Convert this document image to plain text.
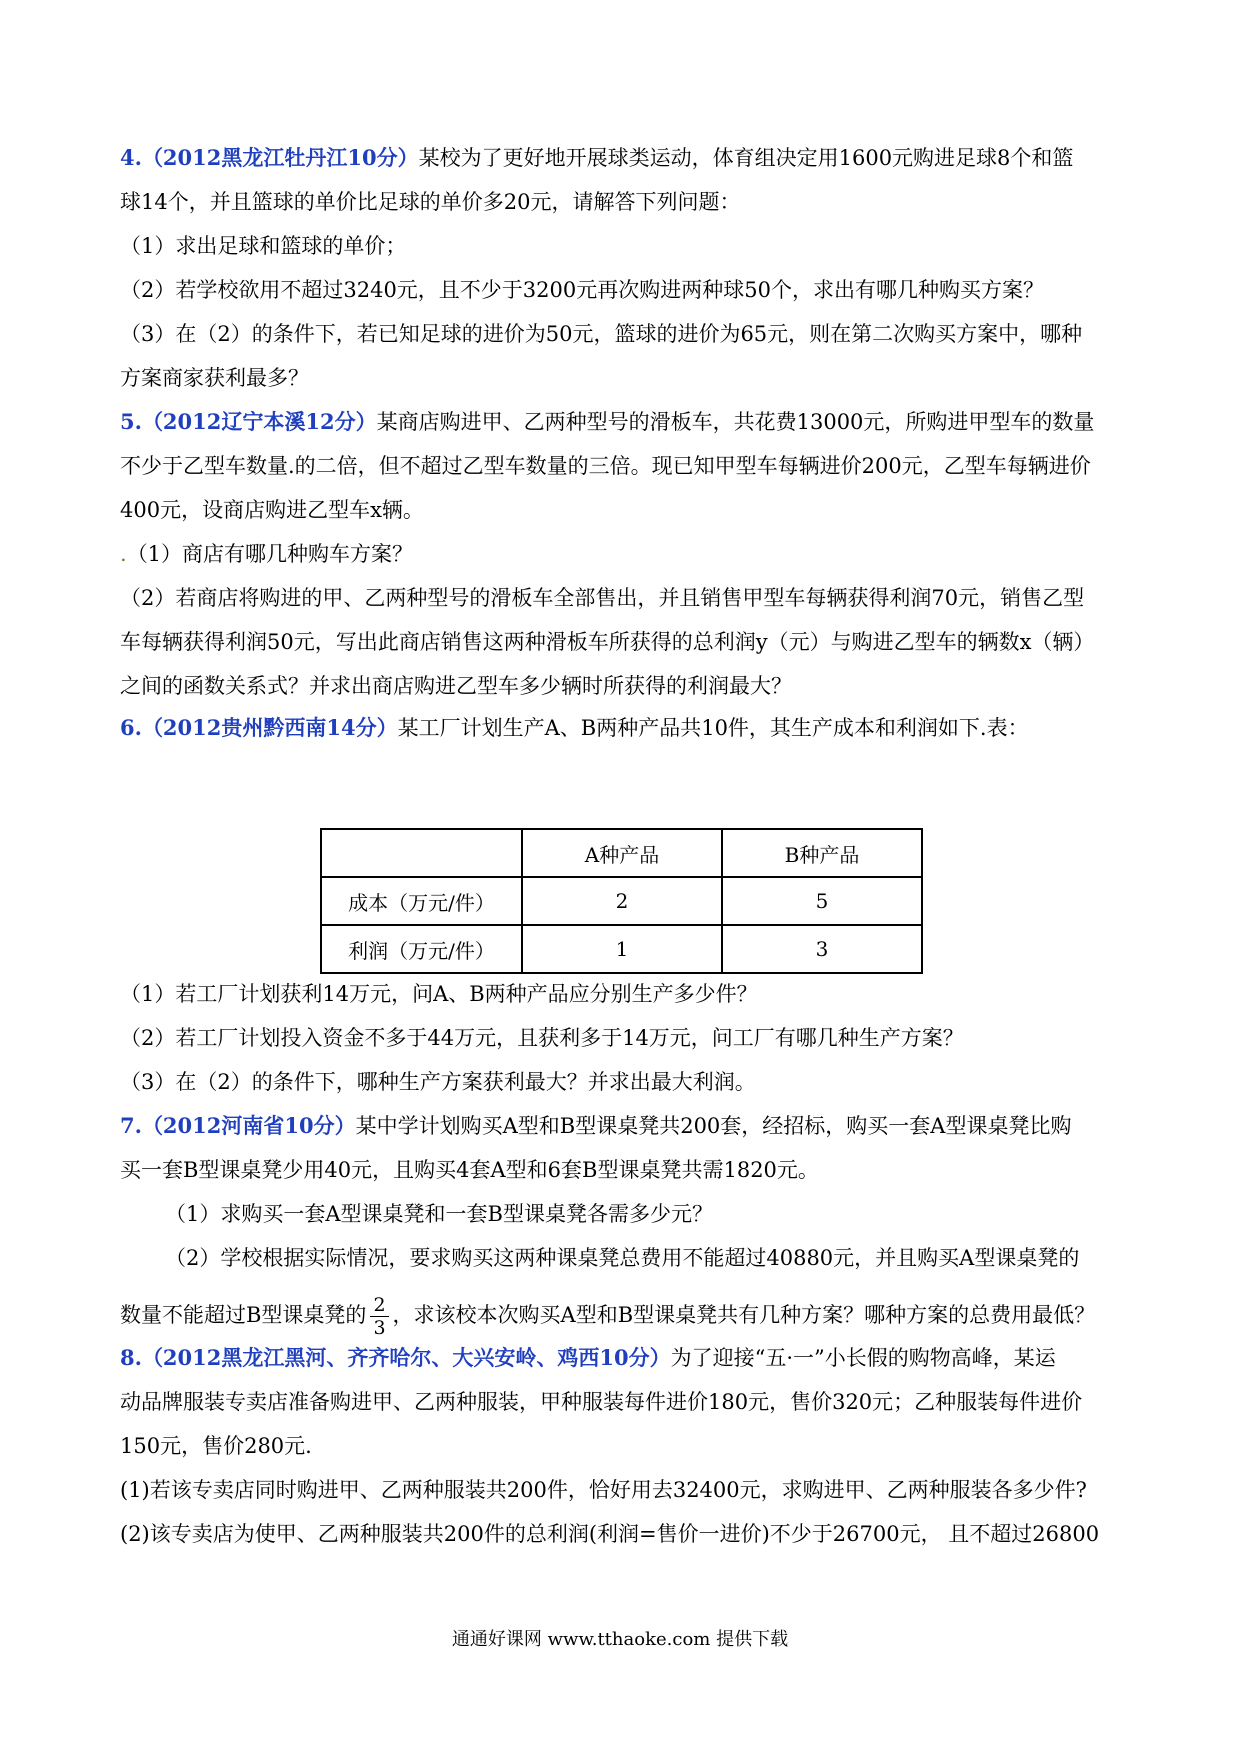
4.（2012黑龙江牡丹江10分）某校为了更好地开展球类运动，体育组决定用1600元购进足球8个和篮
球14个，并且篮球的单价比足球的单价多20元，请解答下列问题：
（1）求出足球和篮球的单价；
（2）若学校欲用不超过3240元，且不少于3200元再次购进两种球50个，求出有哪几种购买方案？
（3）在（2）的条件下，若已知足球的进价为50元，篮球的进价为65元，则在第二次购买方案中，哪种
方案商家获利最多？
5.（2012辽宁本溪12分）某商店购进甲、乙两种型号的滑板车，共花费13000元，所购进甲型车的数量
不少于乙型车数量.的二倍，但不超过乙型车数量的三倍。现已知甲型车每辆进价200元，乙型车每辆进价
400元，设商店购进乙型车x辆。
.（1）商店有哪几种购车方案？
（2）若商店将购进的甲、乙两种型号的滑板车全部售出，并且销售甲型车每辆获得利润70元，销售乙型
车每辆获得利润50元，写出此商店销售这两种滑板车所获得的总利润y（元）与购进乙型车的辆数x（辆）
之间的函数关系式？并求出商店购进乙型车多少辆时所获得的利润最大？
6.（2012贵州黔西南14分）某工厂计划生产A、B两种产品共10件，其生产成本和利润如下.表：
	A种产品	B种产品
成本（万元/件）	2	5
利润（万元/件）	1	3
（1）若工厂计划获利14万元，问A、B两种产品应分别生产多少件？
（2）若工厂计划投入资金不多于44万元，且获利多于14万元，问工厂有哪几种生产方案？
（3）在（2）的条件下，哪种生产方案获利最大？并求出最大利润。
7.（2012河南省10分）某中学计划购买A型和B型课桌凳共200套，经招标，购买一套A型课桌凳比购
买一套B型课桌凳少用40元，且购买4套A型和6套B型课桌凳共需1820元。
（1）求购买一套A型课桌凳和一套B型课桌凳各需多少元？
（2）学校根据实际情况，要求购买这两种课桌凳总费用不能超过40880元，并且购买A型课桌凳的
数量不能超过B型课桌凳的 $\frac{2}{3}$ ，求该校本次购买A型和B型课桌凳共有几种方案？哪种方案的总费用最低？
8.（2012黑龙江黑河、齐齐哈尔、大兴安岭、鸡西10分）为了迎接“五·一”小长假的购物高峰，某运
动品牌服装专卖店准备购进甲、乙两种服装，甲种服装每件进价180元，售价320元；乙种服装每件进价
150元，售价280元.
(1)若该专卖店同时购进甲、乙两种服装共200件，恰好用去32400元，求购进甲、乙两种服装各多少件?
(2)该专卖店为使甲、乙两种服装共200件的总利润(利润=售价一进价)不少于26700元， 且不超过26800
通通好课网 www.tthaoke.com 提供下载
